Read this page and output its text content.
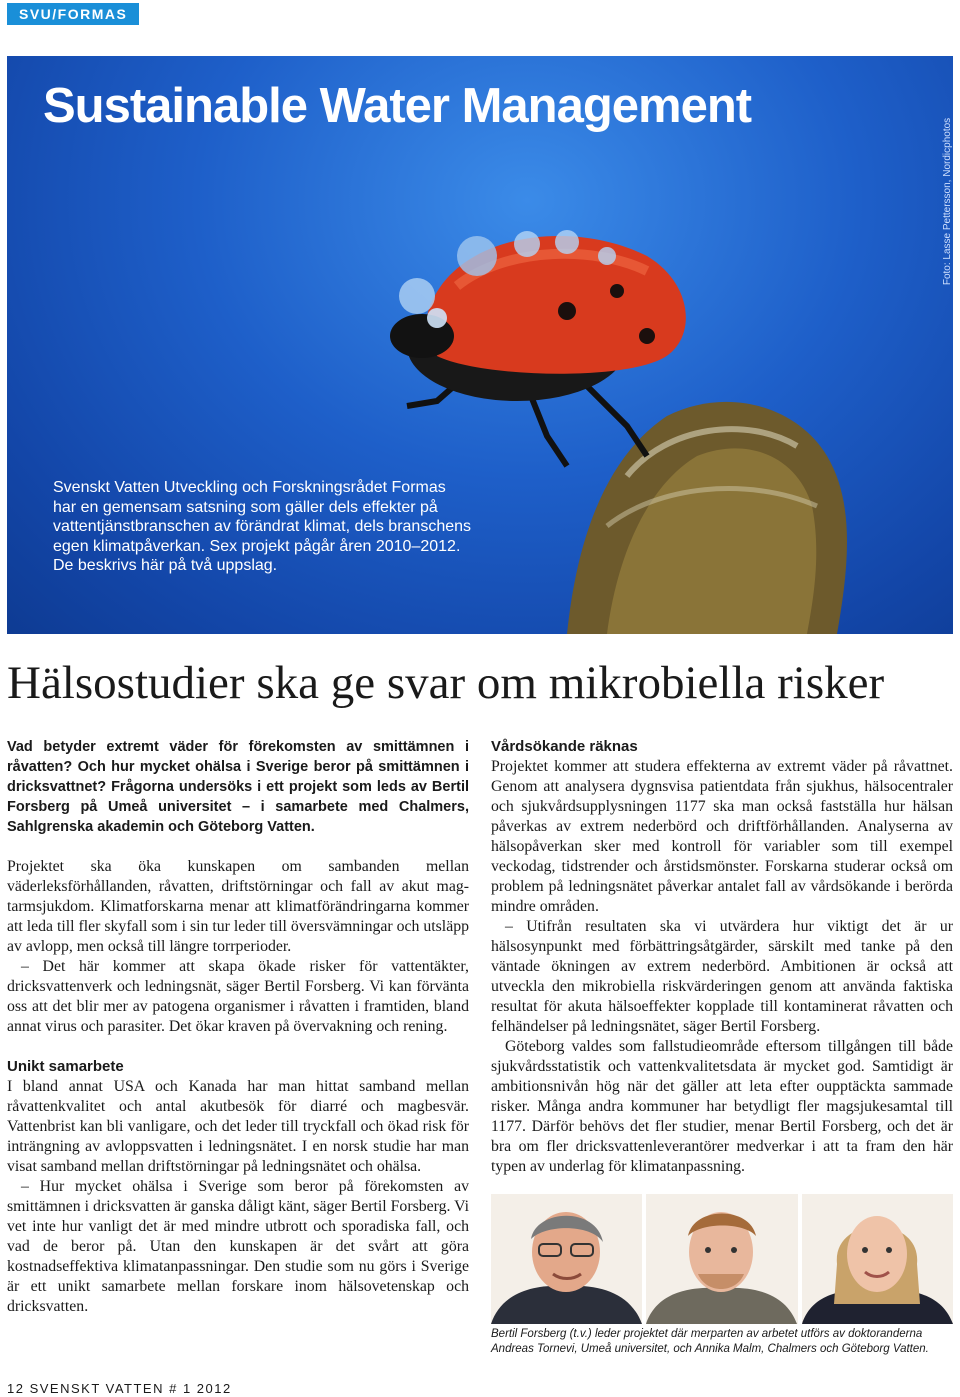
SVU/FORMAS
Sustainable Water Management
Foto: Lasse Pettersson, Nordicphotos

Svenskt Vatten Utveckling och Forskningsrådet Formas har en gemensam satsning som gäller dels effekter på vattentjänstbranschen av förändrat klimat, dels branschens egen klimatpåverkan. Sex projekt pågår åren 2010–2012. De beskrivs här på två uppslag.

Hälsostudier ska ge svar om mikrobiella risker

Vad betyder extremt väder för förekomsten av smittämnen i råvatten? Och hur mycket ohälsa i Sverige beror på smittämnen i dricksvattnet? Frågorna undersöks i ett projekt som leds av Bertil Forsberg på Umeå universitet – i samarbete med Chalmers, Sahlgrenska akademin och Göteborg Vatten.

Projektet ska öka kunskapen om sambanden mellan väderleksförhållanden, råvatten, driftstörningar och fall av akut mag-tarmsjukdom. Klimatforskarna menar att klimatförändringarna kommer att leda till fler skyfall som i sin tur leder till översvämningar och utsläpp av avlopp, men också till längre torrperioder.

– Det här kommer att skapa ökade risker för vattentäkter, dricksvattenverk och ledningsnät, säger Bertil Forsberg. Vi kan förvänta oss att det blir mer av patogena organismer i råvatten i framtiden, bland annat virus och parasiter. Det ökar kraven på övervakning och rening.

Unikt samarbete

I bland annat USA och Kanada har man hittat samband mellan råvattenkvalitet och antal akutbesök för diarré och magbesvär. Vattenbrist kan bli vanligare, och det leder till tryckfall och ökad risk för inträngning av avloppsvatten i ledningsnätet. I en norsk studie har man visat samband mellan driftstörningar på ledningsnätet och ohälsa.

– Hur mycket ohälsa i Sverige som beror på förekomsten av smittämnen i dricksvatten är ganska dåligt känt, säger Bertil Forsberg. Vi vet inte hur vanligt det är med mindre utbrott och sporadiska fall, och vad de beror på. Utan den kunskapen är det svårt att göra kostnadseffektiva klimatanpassningar. Den studie som nu görs i Sverige är ett unikt samarbete mellan forskare inom hälsovetenskap och dricksvatten.

Vårdsökande räknas

Projektet kommer att studera effekterna av extremt väder på råvattnet. Genom att analysera dygnsvisa patientdata från sjukhus, hälsocentraler och sjukvårdsupplysningen 1177 ska man också fastställa hur hälsan påverkas av extrem nederbörd och driftförhållanden. Analyserna av hälsopåverkan sker med kontroll för variabler som till exempel veckodag, tidstrender och årstidsmönster. Forskarna studerar också om problem på ledningsnätet påverkar antalet fall av vårdsökande i berörda mindre områden.

– Utifrån resultaten ska vi utvärdera hur viktigt det är ur hälsosynpunkt med förbättringsåtgärder, särskilt med tanke på den väntade ökningen av extrem nederbörd. Ambitionen är också att utveckla den mikrobiella riskvärderingen genom att använda faktiska resultat för akuta hälsoeffekter kopplade till kontaminerat råvatten och felhändelser på ledningsnätet, säger Bertil Forsberg.

Göteborg valdes som fallstudieområde eftersom tillgången till både sjukvårdsstatistik och vattenkvalitetsdata är mycket god. Samtidigt är ambitionsnivån hög när det gäller att leta efter oupptäckta sammade risker. Många andra kommuner har betydligt fler magsjukesamtal till 1177. Därför behövs det fler studier, menar Bertil Forsberg, och det är bra om fler dricksvattenleverantörer medverkar i att ta fram den här typen av underlag för klimatanpassning.

Bertil Forsberg (t.v.) leder projektet där merparten av arbetet utförs av doktoranderna Andreas Tornevi, Umeå universitet, och Annika Malm, Chalmers och Göteborg Vatten.

12 SVENSKT VATTEN # 1 2012
